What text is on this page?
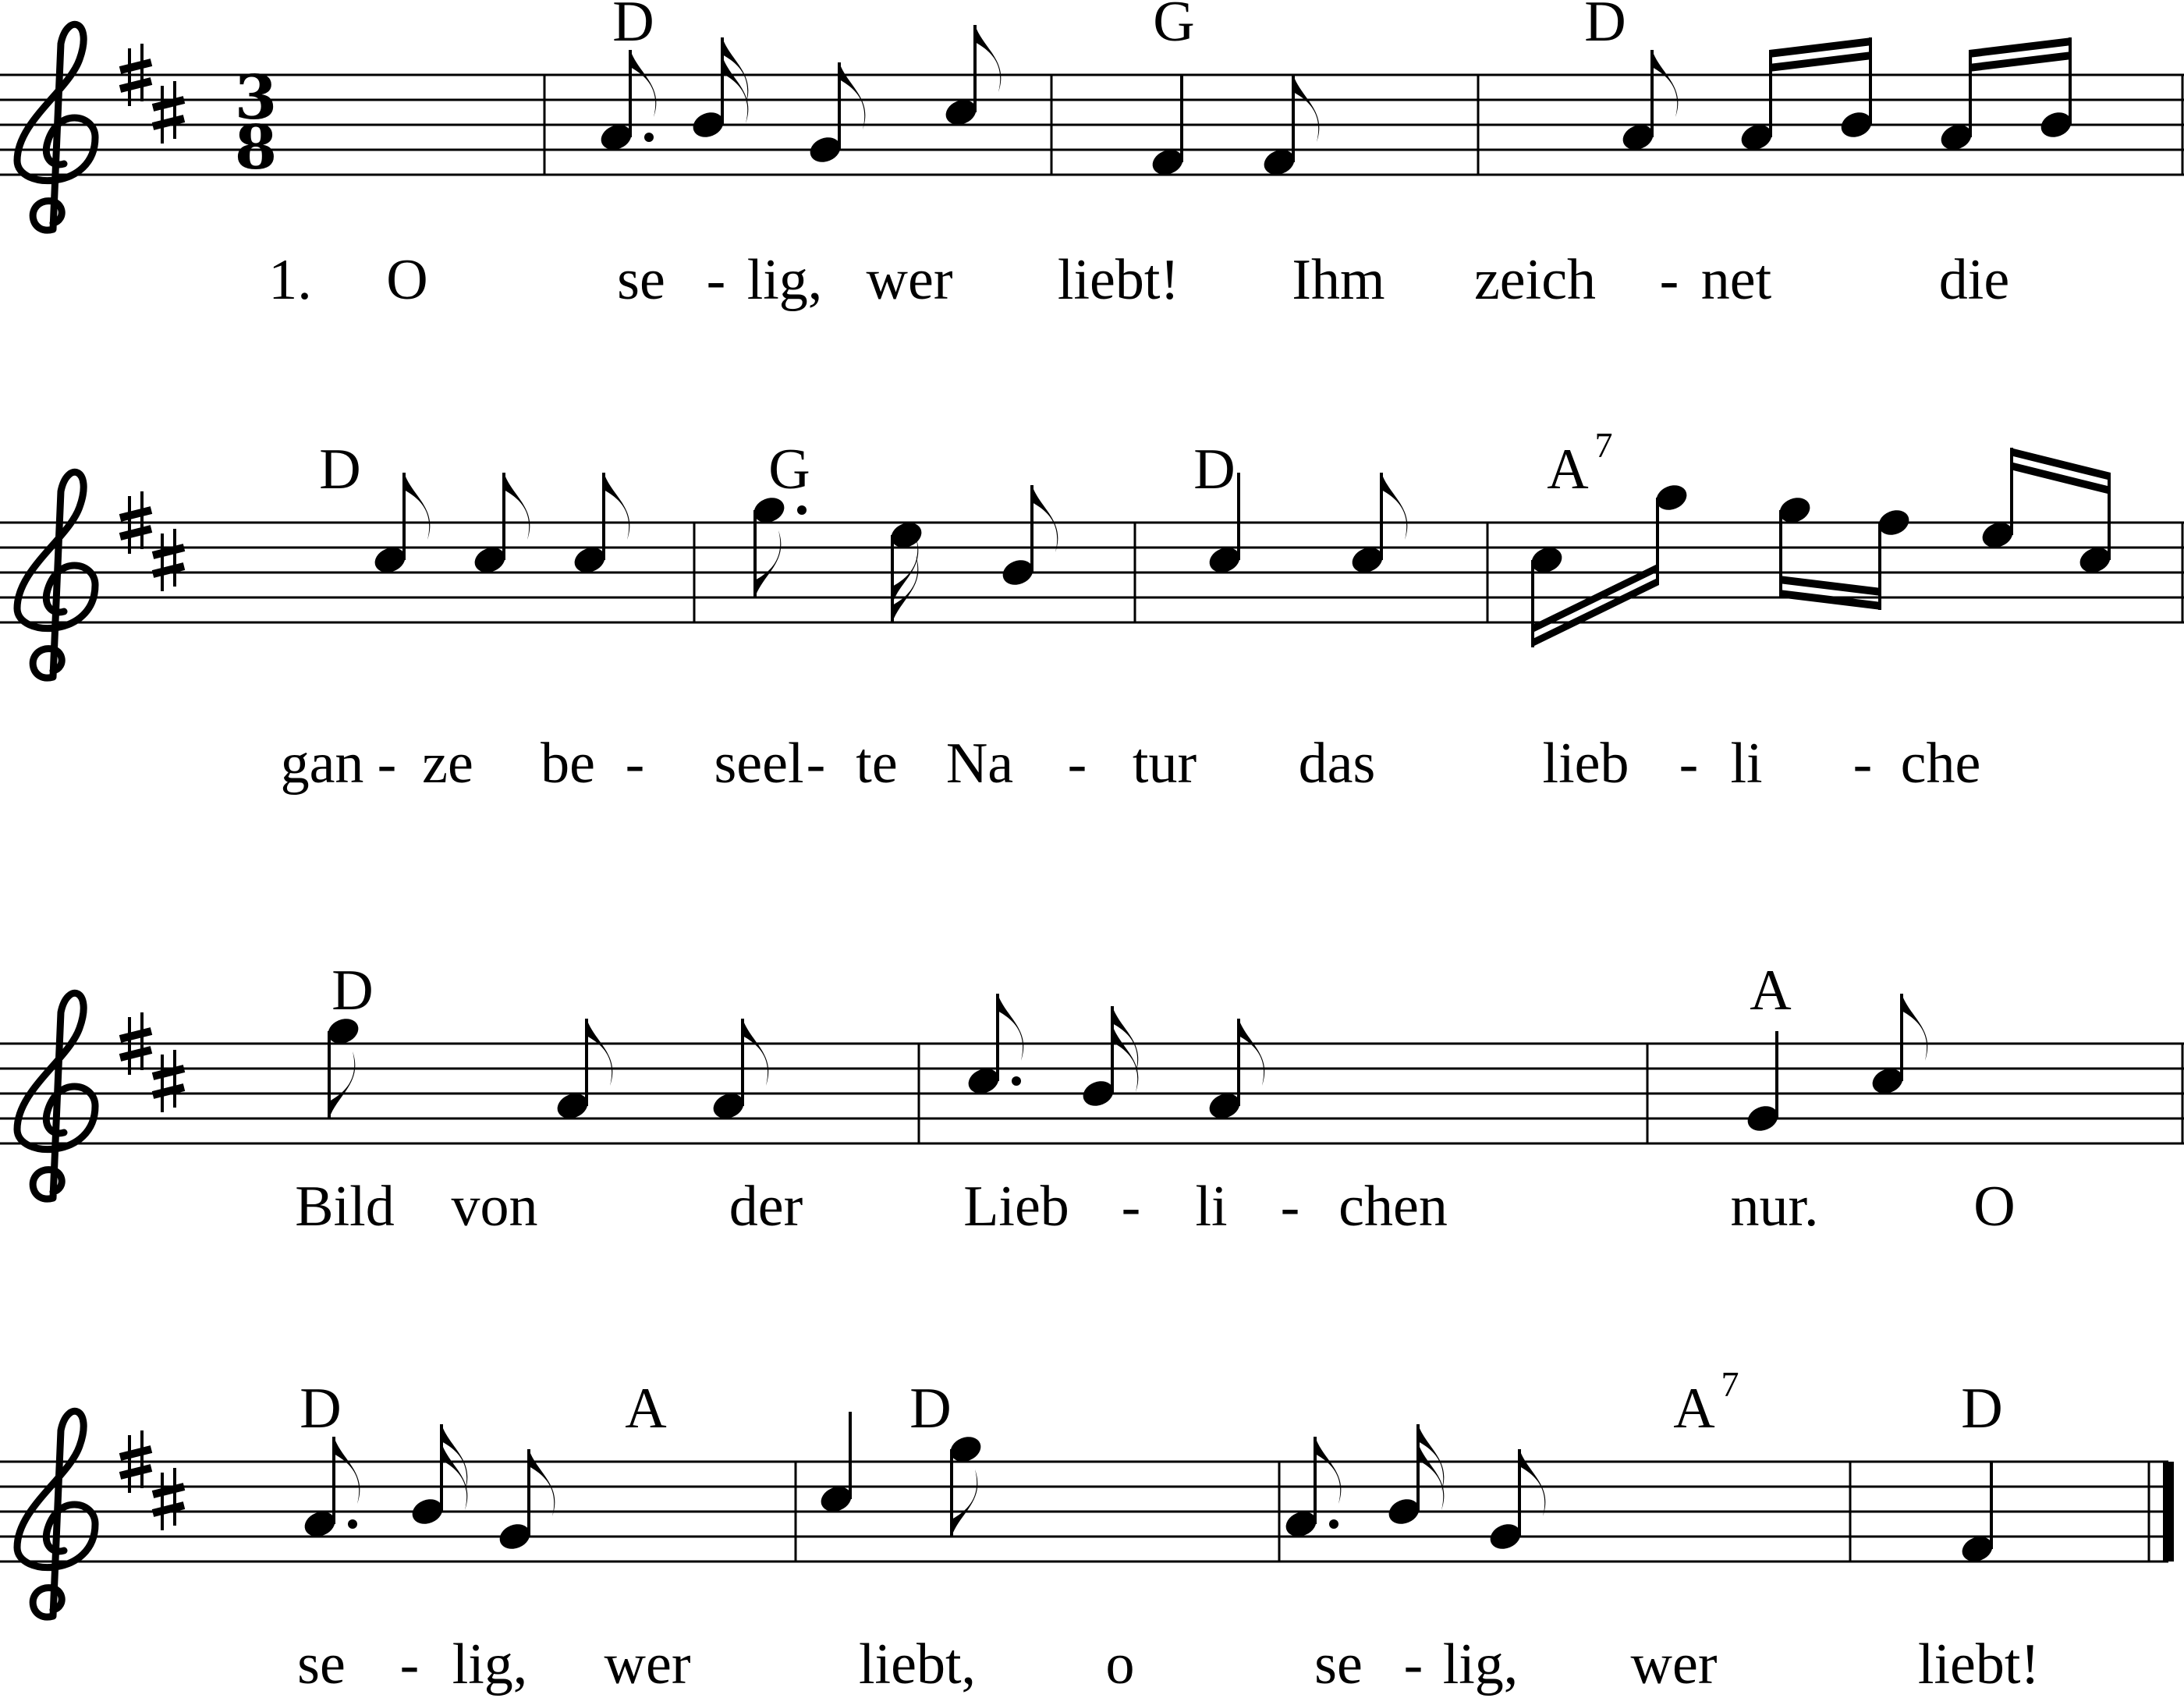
3
8
D	G	D
1. O	se - lig, wer liebt! Ihm zeich - net	die
D	G	D	A 7
gan - ze be - seel - te Na - tur das	lieb - li - che
D	A
Bild von	der	Lieb - li - chen	nur.	O
D	A	D	A 7	D
se - lig, wer	liebt, o	se - lig, wer	liebt!
